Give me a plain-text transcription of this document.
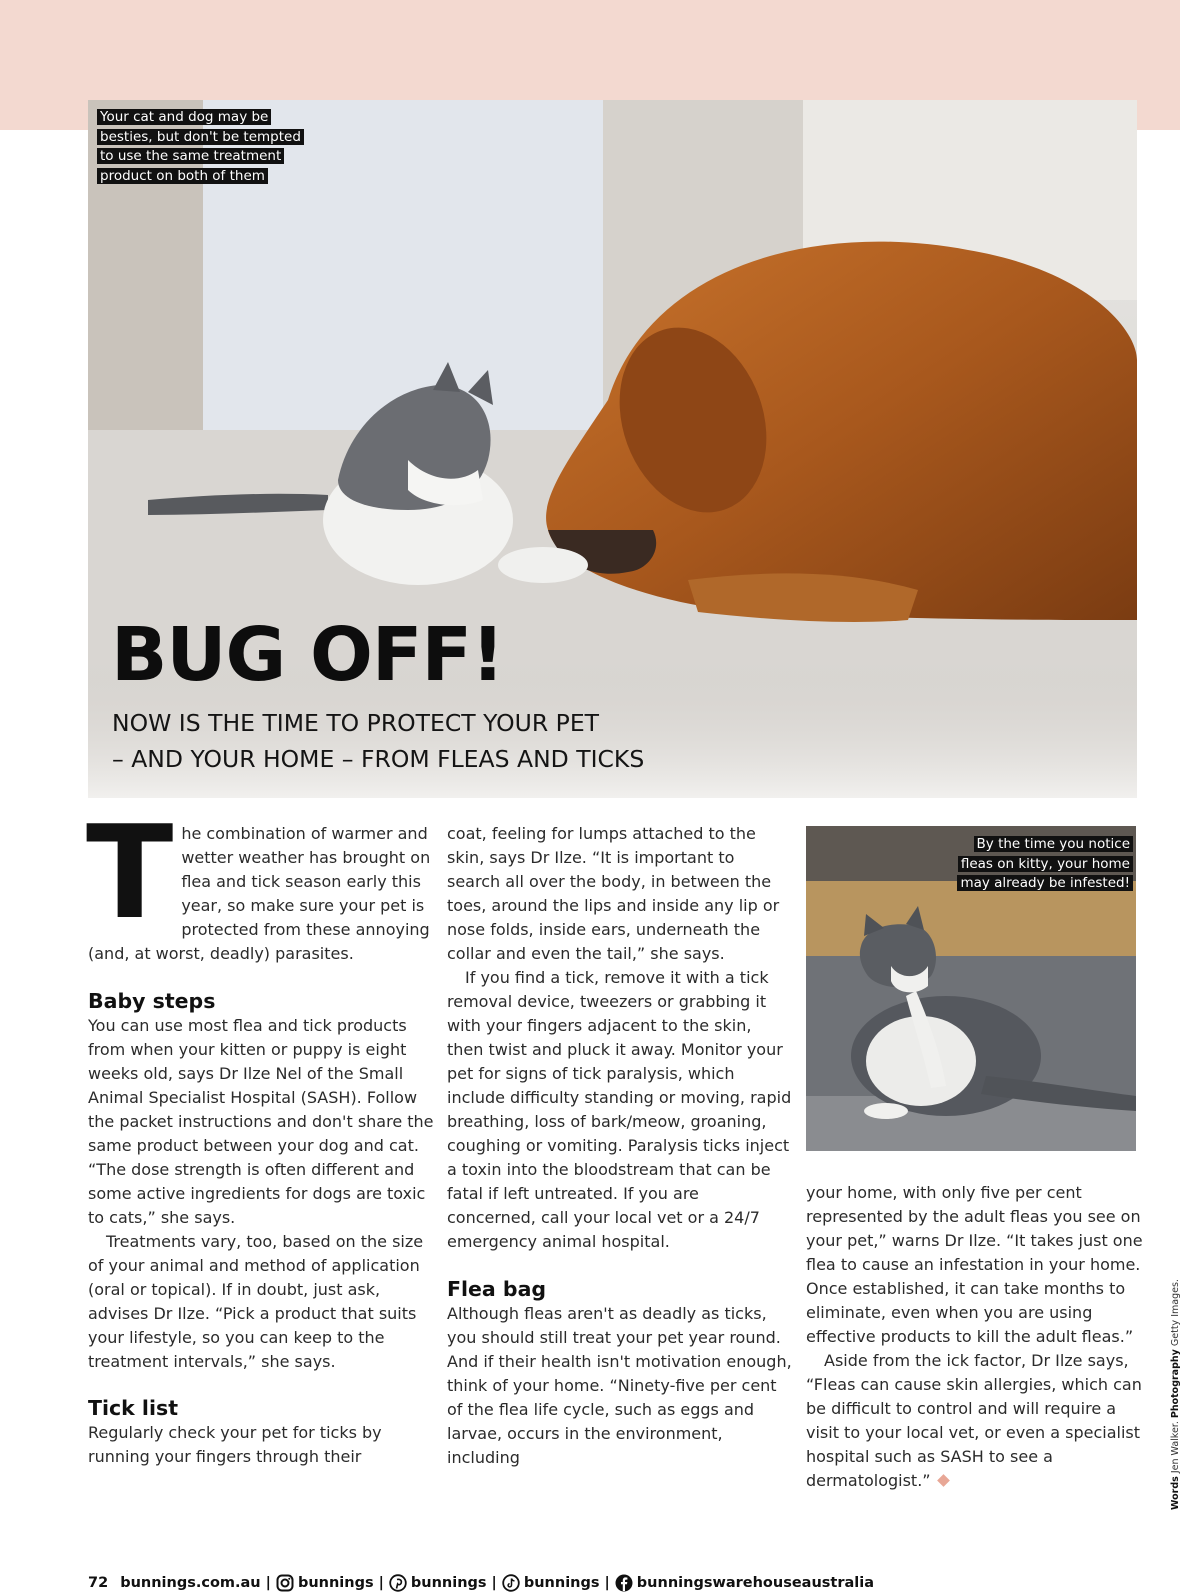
Your cat and dog may be besties, but don't be tempted to use the same treatment product on both of them
BUG OFF!
NOW IS THE TIME TO PROTECT YOUR PET
– AND YOUR HOME – FROM FLEAS AND TICKS

The combination of warmer and wetter weather has brought on flea and tick season early this year, so make sure your pet is protected from these annoying (and, at worst, deadly) parasites.

Baby steps

You can use most flea and tick products from when your kitten or puppy is eight weeks old, says Dr Ilze Nel of the Small Animal Specialist Hospital (SASH). Follow the packet instructions and don't share the same product between your dog and cat. “The dose strength is often different and some active ingredients for dogs are toxic to cats,” she says.

Treatments vary, too, based on the size of your animal and method of application (oral or topical). If in doubt, just ask, advises Dr Ilze. “Pick a product that suits your lifestyle, so you can keep to the treatment intervals,” she says.

Tick list

Regularly check your pet for ticks by running your fingers through their

coat, feeling for lumps attached to the skin, says Dr Ilze. “It is important to search all over the body, in between the toes, around the lips and inside any lip or nose folds, inside ears, underneath the collar and even the tail,” she says.

If you find a tick, remove it with a tick removal device, tweezers or grabbing it with your fingers adjacent to the skin, then twist and pluck it away. Monitor your pet for signs of tick paralysis, which include difficulty standing or moving, rapid breathing, loss of bark/meow, groaning, coughing or vomiting. Paralysis ticks inject a toxin into the bloodstream that can be fatal if left untreated. If you are concerned, call your local vet or a 24/7 emergency animal hospital.

Flea bag

Although fleas aren't as deadly as ticks, you should still treat your pet year round. And if their health isn't motivation enough, think of your home. “Ninety-five per cent of the flea life cycle, such as eggs and larvae, occurs in the environment, including

By the time you notice fleas on kitty, your home may already be infested!

your home, with only five per cent represented by the adult fleas you see on your pet,” warns Dr Ilze. “It takes just one flea to cause an infestation in your home. Once established, it can take months to eliminate, even when you are using effective products to kill the adult fleas.”

Aside from the ick factor, Dr Ilze says, “Fleas can cause skin allergies, which can be difficult to control and will require a visit to your local vet, or even a specialist hospital such as SASH to see a dermatologist.”	Words Jen Walker. Photography Getty Images.
72 bunnings.com.au | bunnings | bunnings | bunnings | bunningswarehouseaustralia
